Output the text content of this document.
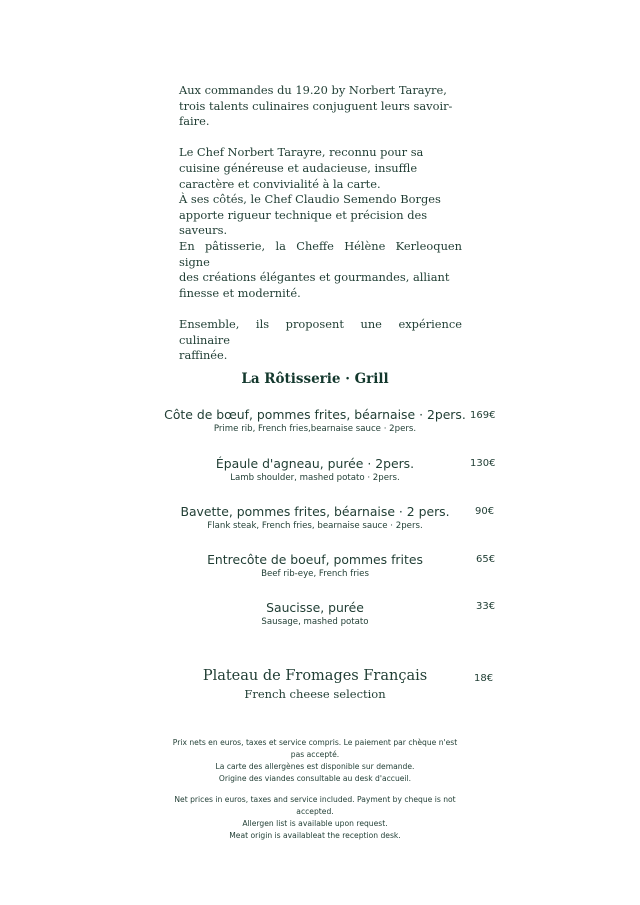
Aux commandes du 19.20 by Norbert Tarayre,
trois talents culinaires conjuguent leurs savoir-
faire.

Le Chef Norbert Tarayre, reconnu pour sa
cuisine généreuse et audacieuse, insuffle
caractère et convivialité à la carte.
À ses côtés, le Chef Claudio Semendo Borges
apporte rigueur technique et précision des
saveurs.
En pâtisserie, la Cheffe Hélène Kerleoquen signe
des créations élégantes et gourmandes, alliant
finesse et modernité.

Ensemble, ils proposent une expérience culinaire
raffinée.

La Rôtisserie · Grill
Côte de bœuf, pommes frites, béarnaise · 2pers.
Prime rib, French fries,bearnaise sauce · 2pers.
169€
Épaule d'agneau, purée · 2pers.
Lamb shoulder, mashed potato · 2pers.
130€
Bavette, pommes frites, béarnaise · 2 pers.
Flank steak, French fries, bearnaise sauce · 2pers.
90€
Entrecôte de boeuf, pommes frites
Beef rib-eye, French fries
65€
Saucisse, purée
Sausage, mashed potato
33€
Plateau de Fromages Français
French cheese selection
18€
Prix nets en euros, taxes et service compris. Le paiement par chèque n'est
pas accepté.
La carte des allergènes est disponible sur demande.
Origine des viandes consultable au desk d'accueil.
Net prices in euros, taxes and service included. Payment by cheque is not
accepted.
Allergen list is available upon request.
Meat origin is availableat the reception desk.
